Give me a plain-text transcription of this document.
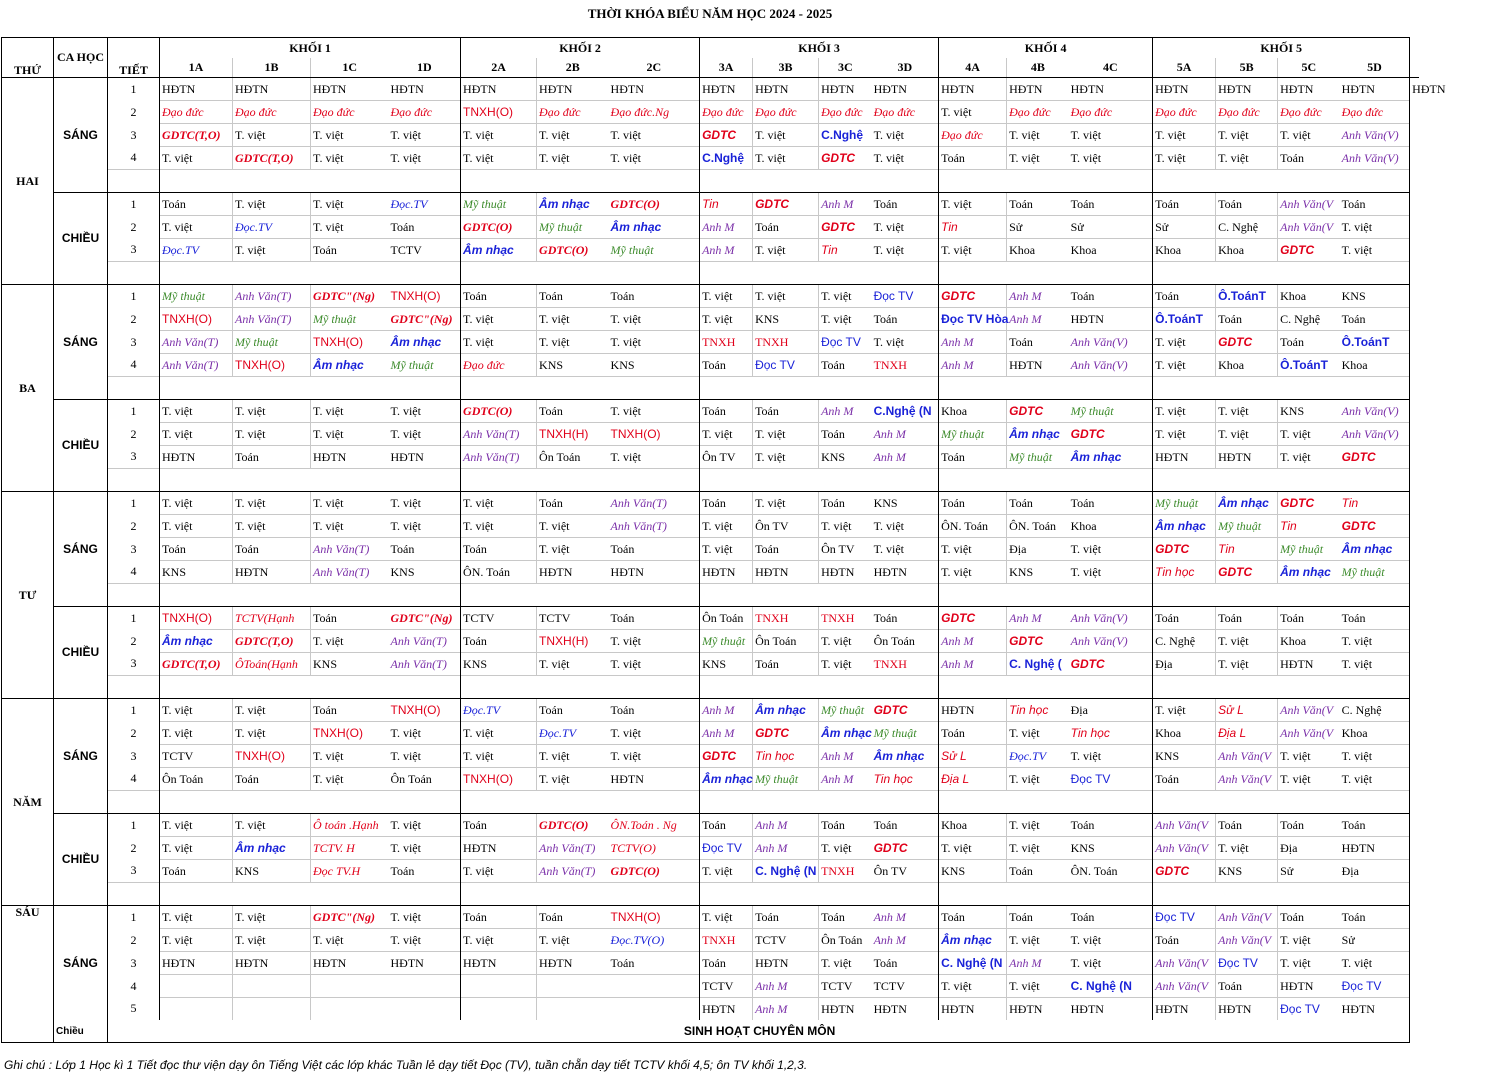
THỜI KHÓA BIỂU NĂM HỌC 2024 - 2025
THỨ	CA HỌC	TIẾT	KHỐI 1				KHỐI 2			KHỐI 3				KHỐI 4			KHỐI 5				
			1A	1B	1C	1D	2A	2B	2C	3A	3B	3C	3D	4A	4B	4C	5A	5B	5C	5D	
HAI	SÁNG	1	HĐTN	HĐTN	HĐTN	HĐTN	HĐTN	HĐTN	HĐTN	HĐTN	HĐTN	HĐTN	HĐTN	HĐTN	HĐTN	HĐTN	HĐTN	HĐTN	HĐTN	HĐTN	HĐTN
		2	Đạo đức	Đạo đức	Đạo đức	Đạo đức	TNXH(O)	Đạo đức	Đạo đức.Ng	Đạo đức	Đạo đức	Đạo đức	Đạo đức	T. việt	Đạo đức	Đạo đức	Đạo đức	Đạo đức	Đạo đức	Đạo đức	
		3	GDTC(T,O)	T. việt	T. việt	T. việt	T. việt	T. việt	T. việt	GDTC	T. việt	C.Nghệ	T. việt	Đạo đức	T. việt	T. việt	T. việt	T. việt	T. việt	Anh Văn(V)	
		4	T. việt	GDTC(T,O)	T. việt	T. việt	T. việt	T. việt	T. việt	C.Nghệ	T. việt	GDTC	T. việt	Toán	T. việt	T. việt	T. việt	T. việt	Toán	Anh Văn(V)	

	CHIỀU	1	Toán	T. việt	T. việt	Đọc.TV	Mỹ thuật	Âm nhạc	GDTC(O)	Tin	GDTC	Anh M	Toán	T. việt	Toán	Toán	Toán	Toán	Anh Văn(V	Toán	
		2	T. việt	Đọc.TV	T. việt	Toán	GDTC(O)	Mỹ thuật	Âm nhạc	Anh M	Toán	GDTC	T. việt	Tin	Sử	Sử	Sử	C. Nghệ	Anh Văn(V	T. việt	
		3	Đọc.TV	T. việt	Toán	TCTV	Âm nhạc	GDTC(O)	Mỹ thuật	Anh M	T. việt	Tin	T. việt	T. việt	Khoa	Khoa	Khoa	Khoa	GDTC	T. việt	

BA	SÁNG	1	Mỹ thuật	Anh Văn(T)	GDTC"(Ng)	TNXH(O)	Toán	Toán	Toán	T. việt	T. việt	T. việt	Đọc TV	GDTC	Anh M	Toán	Toán	Ô.ToánT	Khoa	KNS	
		2	TNXH(O)	Anh Văn(T)	Mỹ thuật	GDTC"(Ng)	T. việt	T. việt	T. việt	T. việt	KNS	T. việt	Toán	Đọc TV Hòa	Anh M	HĐTN	Ô.ToánT	Toán	C. Nghệ	Toán	
		3	Anh Văn(T)	Mỹ thuật	TNXH(O)	Âm nhạc	T. việt	T. việt	T. việt	TNXH	TNXH	Đọc TV	T. việt	Anh M	Toán	Anh Văn(V)	T. việt	GDTC	Toán	Ô.ToánT	
		4	Anh Văn(T)	TNXH(O)	Âm nhạc	Mỹ thuật	Đạo đức	KNS	KNS	Toán	Đọc TV	Toán	TNXH	Anh M	HĐTN	Anh Văn(V)	T. việt	Khoa	Ô.ToánT	Khoa	

	CHIỀU	1	T. việt	T. việt	T. việt	T. việt	GDTC(O)	Toán	T. việt	Toán	Toán	Anh M	C.Nghệ (N	Khoa	GDTC	Mỹ thuật	T. việt	T. việt	KNS	Anh Văn(V)	
		2	T. việt	T. việt	T. việt	T. việt	Anh Văn(T)	TNXH(H)	TNXH(O)	T. việt	T. việt	Toán	Anh M	Mỹ thuật	Âm nhạc	GDTC	T. việt	T. việt	T. việt	Anh Văn(V)	
		3	HĐTN	Toán	HĐTN	HĐTN	Anh Văn(T)	Ôn Toán	T. việt	Ôn TV	T. việt	KNS	Anh M	Toán	Mỹ thuật	Âm nhạc	HĐTN	HĐTN	T. việt	GDTC	

TƯ	SÁNG	1	T. việt	T. việt	T. việt	T. việt	T. việt	Toán	Anh Văn(T)	Toán	T. việt	Toán	KNS	Toán	Toán	Toán	Mỹ thuật	Âm nhạc	GDTC	Tin	
		2	T. việt	T. việt	T. việt	T. việt	T. việt	T. việt	Anh Văn(T)	T. việt	Ôn TV	T. việt	T. việt	ÔN. Toán	ÔN. Toán	Khoa	Âm nhạc	Mỹ thuật	Tin	GDTC	
		3	Toán	Toán	Anh Văn(T)	Toán	Toán	T. việt	Toán	T. việt	Toán	Ôn TV	T. việt	T. việt	Địa	T. việt	GDTC	Tin	Mỹ thuật	Âm nhạc	
		4	KNS	HĐTN	Anh Văn(T)	KNS	ÔN. Toán	HĐTN	HĐTN	HĐTN	HĐTN	HĐTN	HĐTN	T. việt	KNS	T. việt	Tin học	GDTC	Âm nhạc	Mỹ thuật	

	CHIỀU	1	TNXH(O)	TCTV(Hạnh	Toán	GDTC"(Ng)	TCTV	TCTV	Toán	Ôn Toán	TNXH	TNXH	Toán	GDTC	Anh M	Anh Văn(V)	Toán	Toán	Toán	Toán	
		2	Âm nhạc	GDTC(T,O)	T. việt	Anh Văn(T)	Toán	TNXH(H)	T. việt	Mỹ thuật	Ôn Toán	T. việt	Ôn Toán	Anh M	GDTC	Anh Văn(V)	C. Nghệ	T. việt	Khoa	T. việt	
		3	GDTC(T,O)	ÔToán(Hạnh	KNS	Anh Văn(T)	KNS	T. việt	T. việt	KNS	Toán	T. việt	TNXH	Anh M	C. Nghệ (	GDTC	Địa	T. việt	HĐTN	T. việt	

NĂM	SÁNG	1	T. việt	T. việt	Toán	TNXH(O)	Đọc.TV	Toán	Toán	Anh M	Âm nhạc	Mỹ thuật	GDTC	HĐTN	Tin học	Địa	T. việt	Sử L	Anh Văn(V	C. Nghệ	
		2	T. việt	T. việt	TNXH(O)	T. việt	T. việt	Đọc.TV	T. việt	Anh M	GDTC	Âm nhạc	Mỹ thuật	Toán	T. việt	Tin học	Khoa	Địa L	Anh Văn(V	Khoa	
		3	TCTV	TNXH(O)	T. việt	T. việt	T. việt	T. việt	T. việt	GDTC	Tin học	Anh M	Âm nhạc	Sử L	Đọc.TV	T. việt	KNS	Anh Văn(V	T. việt	T. việt	
		4	Ôn Toán	Toán	T. việt	Ôn Toán	TNXH(O)	T. việt	HĐTN	Âm nhạc	Mỹ thuật	Anh M	Tin học	Địa L	T. việt	Đọc TV	Toán	Anh Văn(V	T. việt	T. việt	

	CHIỀU	1	T. việt	T. việt	Ô toán .Hạnh	T. việt	Toán	GDTC(O)	ÔN.Toán . Ng	Toán	Anh M	Toán	Toán	Khoa	T. việt	Toán	Anh Văn(V	Toán	Toán	Toán	
		2	T. việt	Âm nhạc	TCTV. H	T. việt	HĐTN	Anh Văn(T)	TCTV(O)	Đọc TV	Anh M	T. việt	GDTC	T. việt	T. việt	KNS	Anh Văn(V	T. việt	Địa	HĐTN	
		3	Toán	KNS	Đọc TV.H	Toán	T. việt	Anh Văn(T)	GDTC(O)	T. việt	C. Nghệ (N	TNXH	Ôn TV	KNS	Toán	ÔN. Toán	GDTC	KNS	Sử	Địa	

SÁU	SÁNG	1	T. việt	T. việt	GDTC"(Ng)	T. việt	Toán	Toán	TNXH(O)	T. việt	Toán	Toán	Anh M	Toán	Toán	Toán	Đọc TV	Anh Văn(V	Toán	Toán	
		2	T. việt	T. việt	T. việt	T. việt	T. việt	T. việt	Đọc.TV(O)	TNXH	TCTV	Ôn Toán	Anh M	Âm nhạc	T. việt	T. việt	Toán	Anh Văn(V	T. việt	Sử	
		3	HĐTN	HĐTN	HĐTN	HĐTN	HĐTN	HĐTN	Toán	Toán	HĐTN	T. việt	Toán	C. Nghệ (N	Anh M	T. việt	Anh Văn(V	Đọc TV	T. việt	T. việt	
		4								TCTV	Anh M	TCTV	TCTV	T. việt	T. việt	C. Nghệ (N	Anh Văn(V	Toán	HĐTN	Đọc TV	
		5								HĐTN	Anh M	HĐTN	HĐTN	HĐTN	HĐTN	HĐTN	HĐTN	HĐTN	Đọc TV	HĐTN	
	Chiều	SINH HOẠT CHUYÊN MÔN																			
Ghi chú : Lớp 1 Học kì 1 Tiết đọc thư viện dạy ôn Tiếng Việt các lớp khác Tuần lẻ dạy tiết Đọc (TV), tuần chẵn dạy tiết TCTV khối 4,5; ôn TV khối 1,2,3.
